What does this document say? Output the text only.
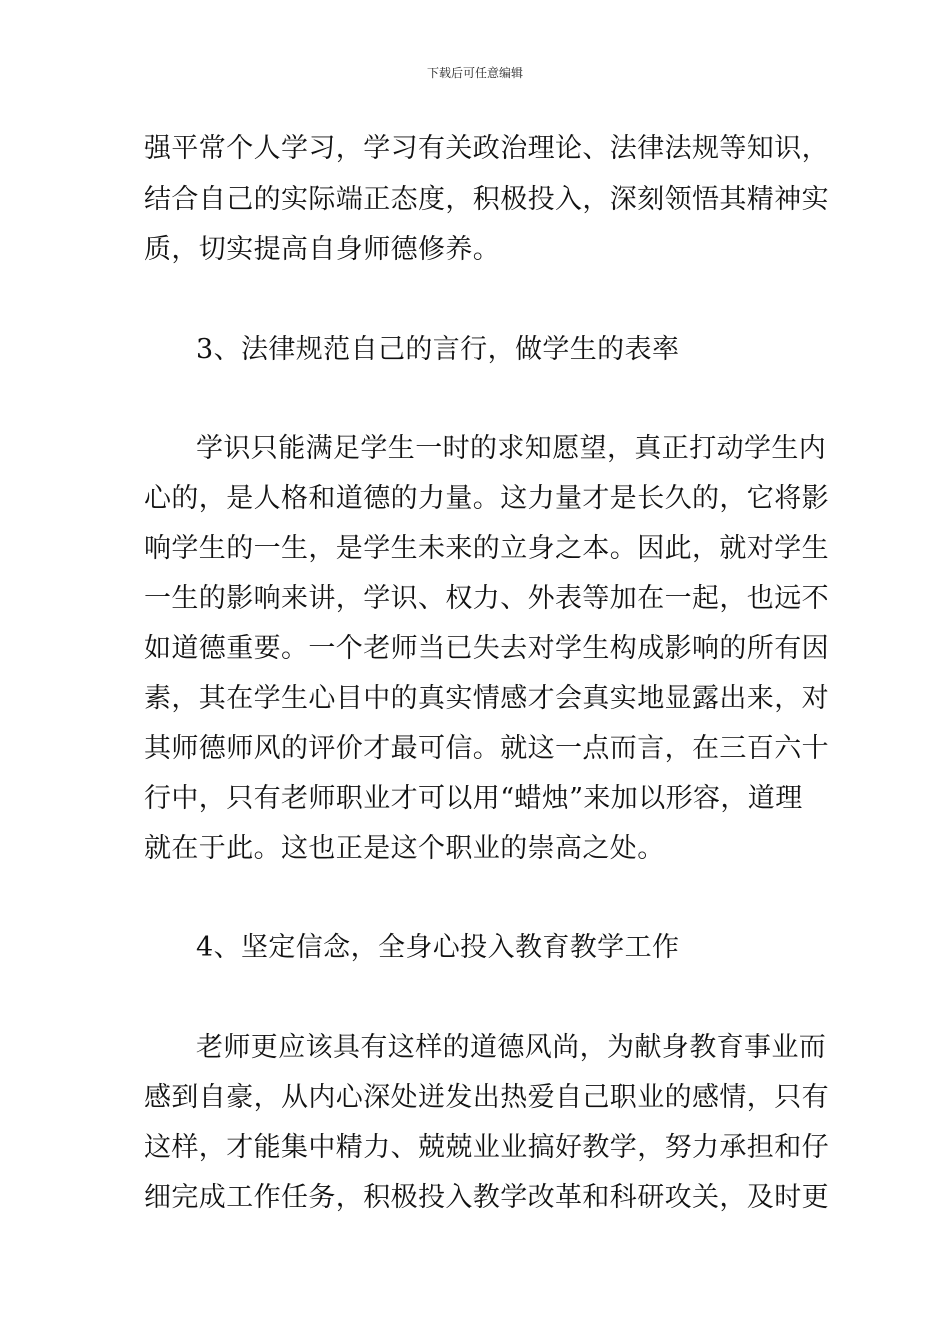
下载后可任意编辑
强平常个人学习，学习有关政治理论、法律法规等知识，
结合自己的实际端正态度，积极投入，深刻领悟其精神实
质，切实提高自身师德修养。
3、法律规范自己的言行，做学生的表率
学识只能满足学生一时的求知愿望，真正打动学生内
心的，是人格和道德的力量。这力量才是长久的，它将影
响学生的一生，是学生未来的立身之本。因此，就对学生
一生的影响来讲，学识、权力、外表等加在一起，也远不
如道德重要。一个老师当已失去对学生构成影响的所有因
素，其在学生心目中的真实情感才会真实地显露出来，对
其师德师风的评价才最可信。就这一点而言，在三百六十
行中，只有老师职业才可以用“蜡烛”来加以形容，道理
就在于此。这也正是这个职业的崇高之处。
4、坚定信念，全身心投入教育教学工作
老师更应该具有这样的道德风尚，为献身教育事业而
感到自豪，从内心深处迸发出热爱自己职业的感情，只有
这样，才能集中精力、兢兢业业搞好教学，努力承担和仔
细完成工作任务，积极投入教学改革和科研攻关，及时更
